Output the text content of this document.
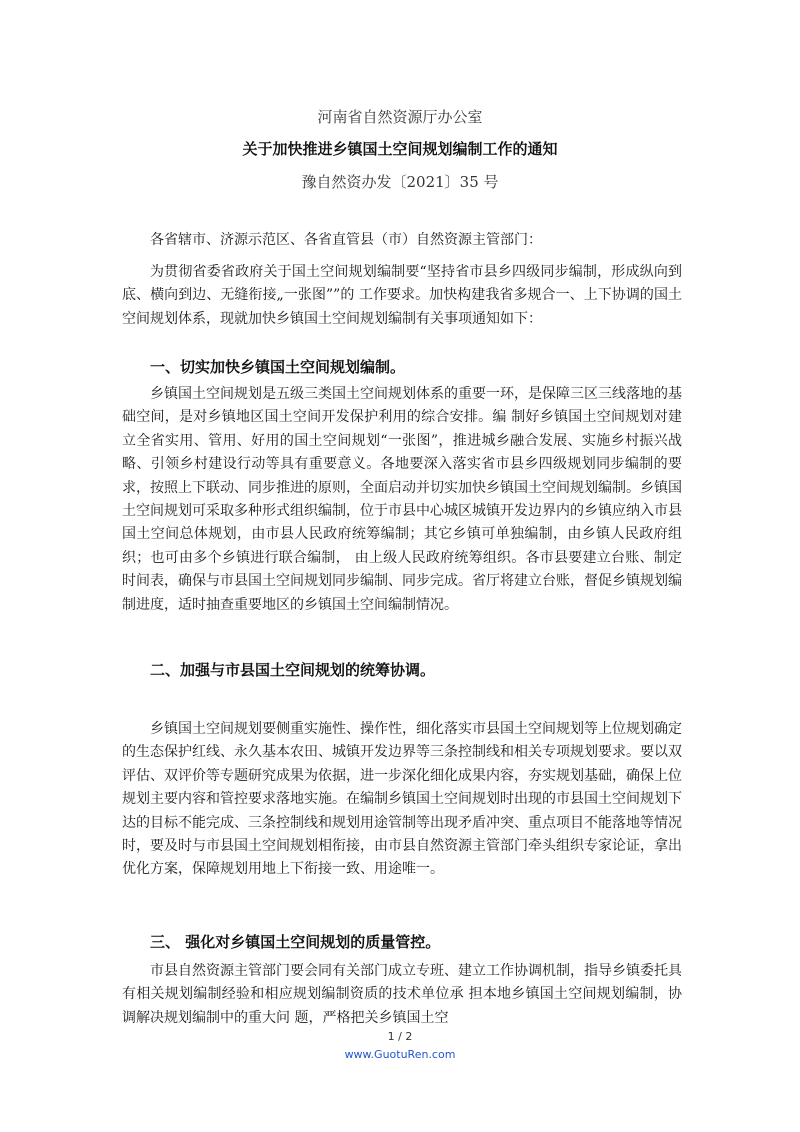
河南省自然资源厅办公室
关于加快推进乡镇国土空间规划编制工作的通知
豫自然资办发〔2021〕35 号

各省辖市、济源示范区、各省直管县（市）自然资源主管部门：

为贯彻省委省政府关于国土空间规划编制要“坚持省市县乡四级同步编制，形成纵向到底、横向到边、无缝衔接„一张图””的 工作要求。加快构建我省多规合一、上下协调的国土空间规划体系，现就加快乡镇国土空间规划编制有关事项通知如下：

一、切实加快乡镇国土空间规划编制。

乡镇国土空间规划是五级三类国土空间规划体系的重要一环，是保障三区三线落地的基础空间，是对乡镇地区国土空间开发保护利用的综合安排。编 制好乡镇国土空间规划对建立全省实用、管用、好用的国土空间规划“一张图”，推进城乡融合发展、实施乡村振兴战略、引领乡村建设行动等具有重要意义。各地要深入落实省市县乡四级规划同步编制的要求，按照上下联动、同步推进的原则，全面启动并切实加快乡镇国土空间规划编制。乡镇国土空间规划可采取多种形式组织编制，位于市县中心城区城镇开发边界内的乡镇应纳入市县国土空间总体规划，由市县人民政府统筹编制；其它乡镇可单独编制，由乡镇人民政府组织；也可由多个乡镇进行联合编制， 由上级人民政府统筹组织。各市县要建立台账、制定时间表，确保与市县国土空间规划同步编制、同步完成。省厅将建立台账，督促乡镇规划编制进度，适时抽查重要地区的乡镇国土空间编制情况。

二、加强与市县国土空间规划的统筹协调。

乡镇国土空间规划要侧重实施性、操作性，细化落实市县国土空间规划等上位规划确定的生态保护红线、永久基本农田、城镇开发边界等三条控制线和相关专项规划要求。要以双评估、双评价等专题研究成果为依据，进一步深化细化成果内容，夯实规划基础，确保上位规划主要内容和管控要求落地实施。在编制乡镇国土空间规划时出现的市县国土空间规划下达的目标不能完成、三条控制线和规划用途管制等出现矛盾冲突、重点项目不能落地等情况时，要及时与市县国土空间规划相衔接，由市县自然资源主管部门牵头组织专家论证，拿出优化方案，保障规划用地上下衔接一致、用途唯一。

三、 强化对乡镇国土空间规划的质量管控。

市县自然资源主管部门要会同有关部门成立专班、建立工作协调机制，指导乡镇委托具有相关规划编制经验和相应规划编制资质的技术单位承 担本地乡镇国土空间规划编制，协调解决规划编制中的重大问 题，严格把关乡镇国土空

1 / 2
www.GuotuRen.com
